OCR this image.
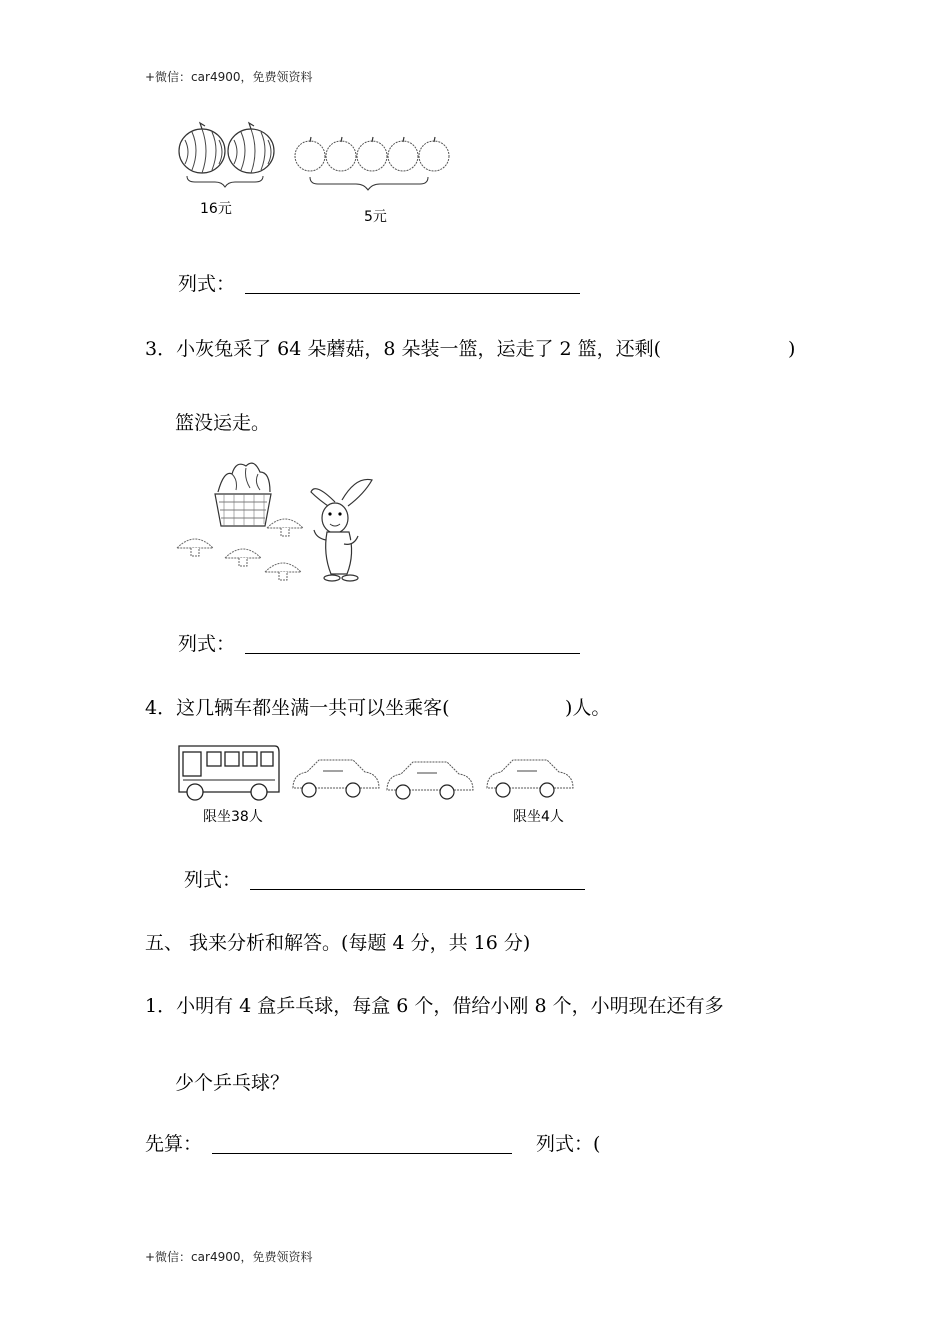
+微信：car4900，免费领资料
16元	5元
列式：
3．小灰兔采了 64 朵蘑菇，8 朵装一篮，运走了 2 篮，还剩(	)
篮没运走。
列式：
4．这几辆车都坐满一共可以坐乘客(	)人。
限坐38人	限坐4人
列式：
五、 我来分析和解答。(每题 4 分，共 16 分)
1．小明有 4 盒乒乓球，每盒 6 个，借给小刚 8 个，小明现在还有多
少个乒乓球？
先算：	列式：(
+微信：car4900，免费领资料
